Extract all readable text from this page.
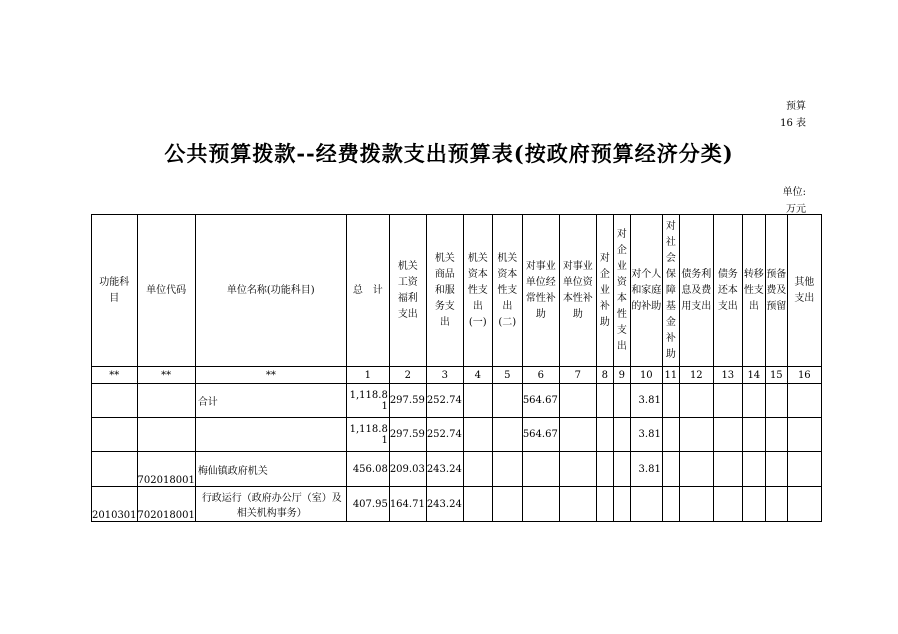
预算
16 表
公共预算拨款--经费拨款支出预算表(按政府预算经济分类)
单位:
万元
功能科目	单位代码	单位名称(功能科目)	总　计	机关工资福利支出	机关商品和服务支出	机关资本性支出(一)	机关资本性支出(二)	对事业单位经常性补助	对事业单位资本性补助	对企业补助	对企业资本性支出	对个人和家庭的补助	对社会保障基金补助	债务利息及费用支出	债务还本支出	转移性支出	预备费及预留	其他支出

**	**	**	1	2	3	4	5	6	7	8	9	10	11	12	13	14	15	16
		合计	1,118.81	297.59	252.74			564.67				3.81						
			1,118.81	297.59	252.74			564.67				3.81						
	702018001	梅仙镇政府机关	456.08	209.03	243.24							3.81						
2010301	702018001	行政运行（政府办公厅（室）及相关机构事务）	407.95	164.71	243.24													
